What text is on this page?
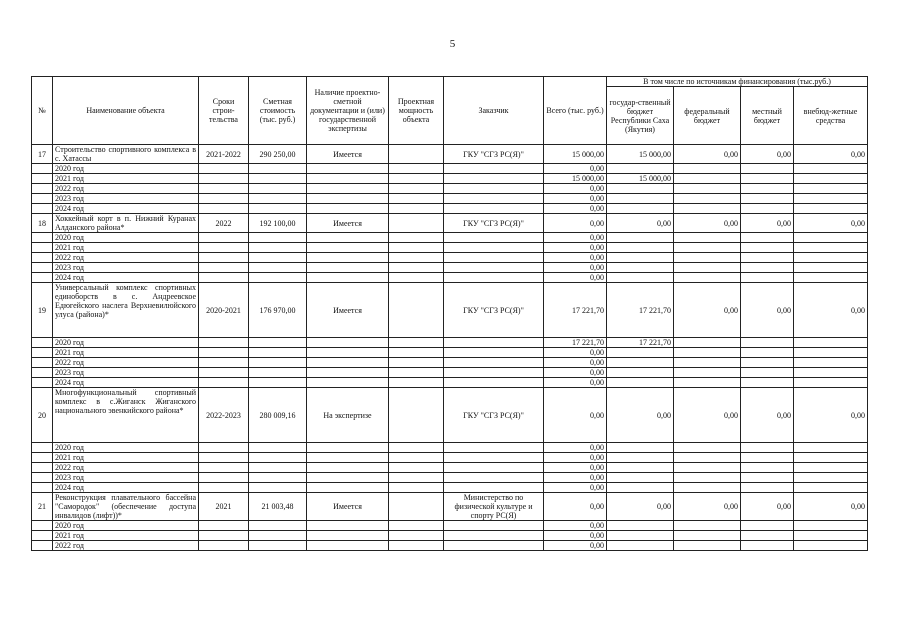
5
№	Наименование объекта	Сроки строи-тельства	Сметная стоимость (тыс. руб.)	Наличие проектно-сметной документации и (или) государственной экспертизы	Проектная мощность объекта	Заказчик	Всего (тыс. руб.)	В том числе по источникам финансирования (тыс.руб.)			
								государ-ственный бюджет Республики Саха (Якутия)	федеральный бюджет	местный бюджет	внебюд-жетные средства
17	Строительство спортивного комплекса в с. Хатассы	2021-2022	290 250,00	Имеется		ГКУ "СГЗ РС(Я)"	15 000,00	15 000,00	0,00	0,00	0,00
	2020 год						0,00				
	2021 год						15 000,00	15 000,00			
	2022 год						0,00				
	2023 год						0,00				
	2024 год						0,00				
18	Хоккейный корт в п. Нижний Куранах Алданского района*	2022	192 100,00	Имеется		ГКУ "СГЗ РС(Я)"	0,00	0,00	0,00	0,00	0,00
	2020 год						0,00				
	2021 год						0,00				
	2022 год						0,00				
	2023 год						0,00				
	2024 год						0,00				
19	Универсальный комплекс спортивных единоборств в с. Андреевское Едюгейского наслега Верхневилюйского улуса (района)*	2020-2021	176 970,00	Имеется		ГКУ "СГЗ РС(Я)"	17 221,70	17 221,70	0,00	0,00	0,00
	2020 год						17 221,70	17 221,70			
	2021 год						0,00				
	2022 год						0,00				
	2023 год						0,00				
	2024 год						0,00				
20	Многофункциональный спортивный комплекс в с.Жиганск Жиганского национального эвенкийского района*	2022-2023	280 009,16	На экспертизе		ГКУ "СГЗ РС(Я)"	0,00	0,00	0,00	0,00	0,00
	2020 год						0,00				
	2021 год						0,00				
	2022 год						0,00				
	2023 год						0,00				
	2024 год						0,00				
21	Реконструкция плавательного бассейна "Самородок" (обеспечение доступа инвалидов (лифт))*	2021	21 003,48	Имеется		Министерство по физической культуре и спорту РС(Я)	0,00	0,00	0,00	0,00	0,00
	2020 год						0,00				
	2021 год						0,00				
	2022 год						0,00				
